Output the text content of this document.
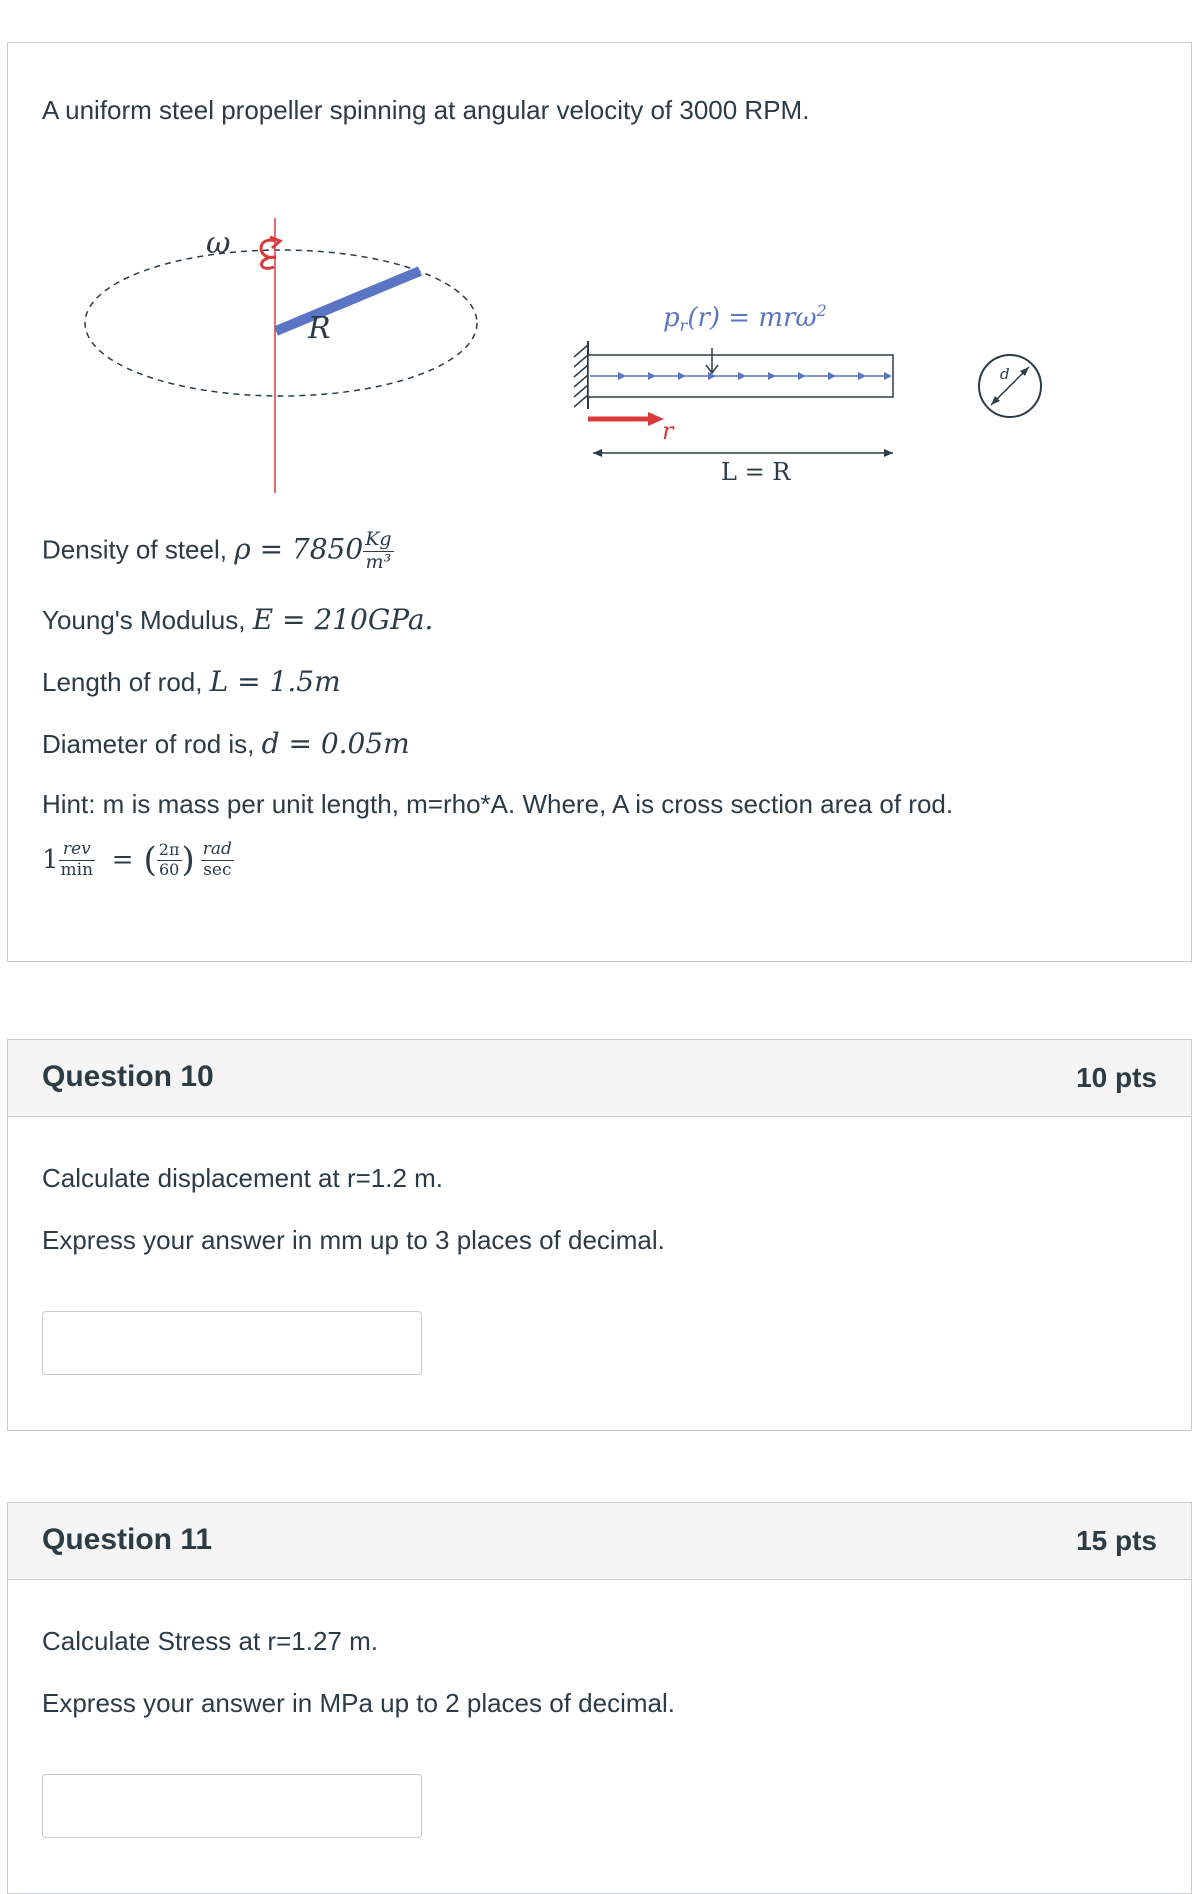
A uniform steel propeller spinning at angular velocity of 3000 RPM.
ω
R	pr(r) = mrω$^2$
r
L = R
d
Density of steel, $\rho = 7850 \frac{Kg}{\text{m³}}$
Young's Modulus, E = 210GPa.
Length of rod, L = 1.5m
Diameter of rod is, d = 0.05m
Hint: m is mass per unit length, m=rho*A. Where, A is cross section area of rod.
$1 \frac{\text{rev}}{\min}$ = ( $\frac{2\pi}{60}$ ) $\frac{\text{rad}}{\sec}$
Question 10	10 pts
Calculate displacement at r=1.2 m.
Express your answer in mm up to 3 places of decimal.
Question 11	15 pts
Calculate Stress at r=1.27 m.
Express your answer in MPa up to 2 places of decimal.
